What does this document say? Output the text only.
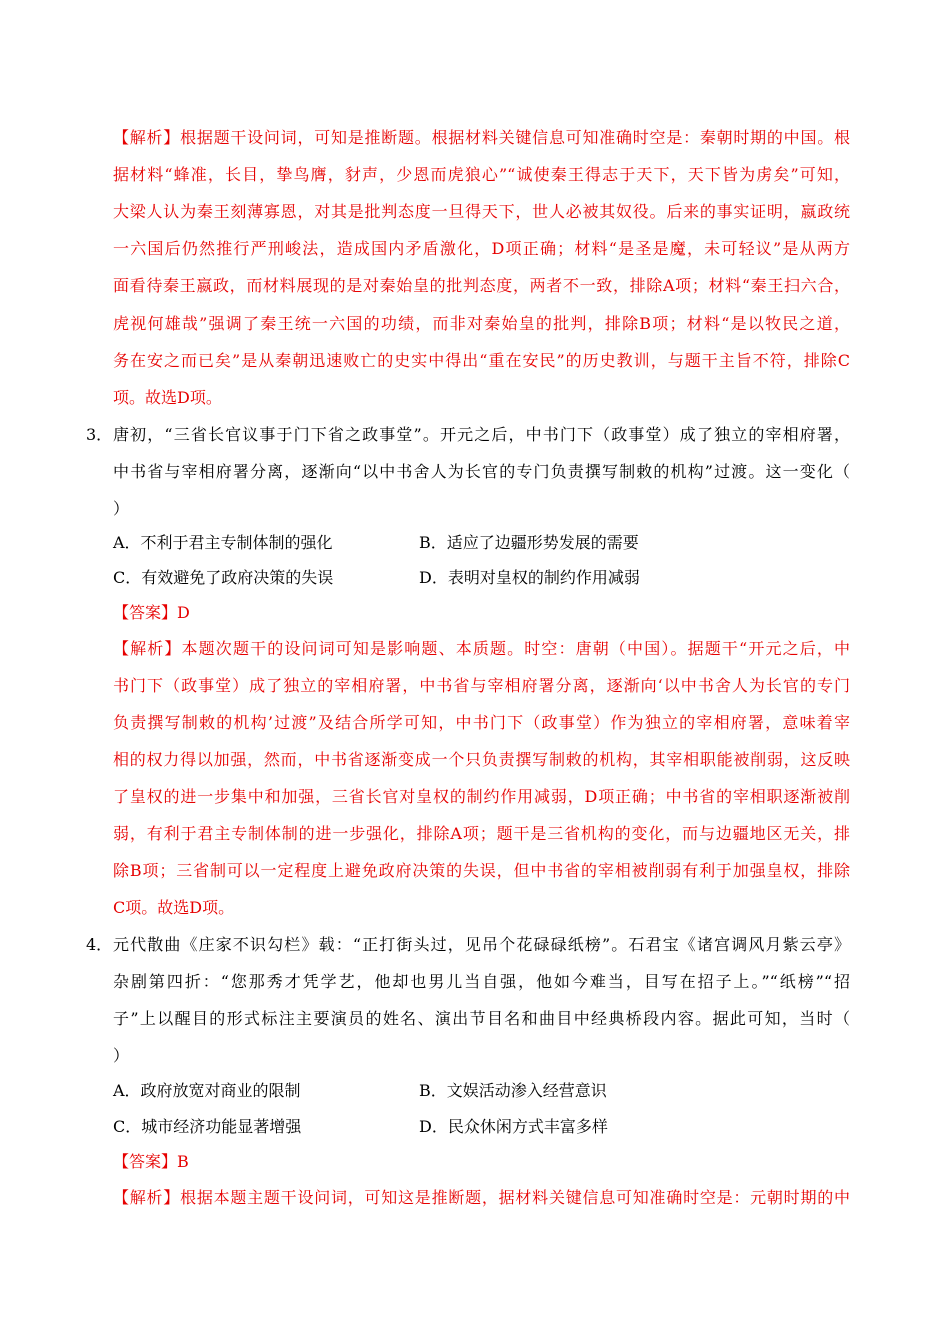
【解析】根据题干设问词，可知是推断题。根据材料关键信息可知准确时空是：秦朝时期的中国。根
据材料“蜂准，长目，挚鸟膺，豺声，少恩而虎狼心”“诚使秦王得志于天下，天下皆为虏矣”可知，
大梁人认为秦王刻薄寡恩，对其是批判态度一旦得天下，世人必被其奴役。后来的事实证明，嬴政统
一六国后仍然推行严刑峻法，造成国内矛盾激化，D项正确；材料“是圣是魔，未可轻议”是从两方
面看待秦王嬴政，而材料展现的是对秦始皇的批判态度，两者不一致，排除A项；材料“秦王扫六合，
虎视何雄哉”强调了秦王统一六国的功绩，而非对秦始皇的批判，排除B项；材料“是以牧民之道，
务在安之而已矣”是从秦朝迅速败亡的史实中得出“重在安民”的历史教训，与题干主旨不符，排除C
项。故选D项。
3． 唐初，“三省长官议事于门下省之政事堂”。开元之后，中书门下（政事堂）成了独立的宰相府署，
中书省与宰相府署分离，逐渐向“以中书舍人为长官的专门负责撰写制敕的机构”过渡。这一变化（
）
A．不利于君主专制体制的强化	B．适应了边疆形势发展的需要
C．有效避免了政府决策的失误	D．表明对皇权的制约作用减弱
【答案】D
【解析】本题次题干的设问词可知是影响题、本质题。时空：唐朝（中国）。据题干“开元之后，中
书门下（政事堂）成了独立的宰相府署，中书省与宰相府署分离，逐渐向‘以中书舍人为长官的专门
负责撰写制敕的机构’过渡”及结合所学可知，中书门下（政事堂）作为独立的宰相府署，意味着宰
相的权力得以加强，然而，中书省逐渐变成一个只负责撰写制敕的机构，其宰相职能被削弱，这反映
了皇权的进一步集中和加强，三省长官对皇权的制约作用减弱，D项正确；中书省的宰相职逐渐被削
弱，有利于君主专制体制的进一步强化，排除A项；题干是三省机构的变化，而与边疆地区无关，排
除B项；三省制可以一定程度上避免政府决策的失误，但中书省的宰相被削弱有利于加强皇权，排除
C项。故选D项。
4． 元代散曲《庄家不识勾栏》载：“正打街头过，见吊个花碌碌纸榜”。石君宝《诸宫调风月紫云亭》
杂剧第四折：“您那秀才凭学艺，他却也男儿当自强，他如今难当，目写在招子上。”“纸榜”“招
子”上以醒目的形式标注主要演员的姓名、演出节目名和曲目中经典桥段内容。据此可知，当时（
）
A．政府放宽对商业的限制	B．文娱活动渗入经营意识
C．城市经济功能显著增强	D．民众休闲方式丰富多样
【答案】B
【解析】根据本题主题干设问词，可知这是推断题，据材料关键信息可知准确时空是：元朝时期的中
